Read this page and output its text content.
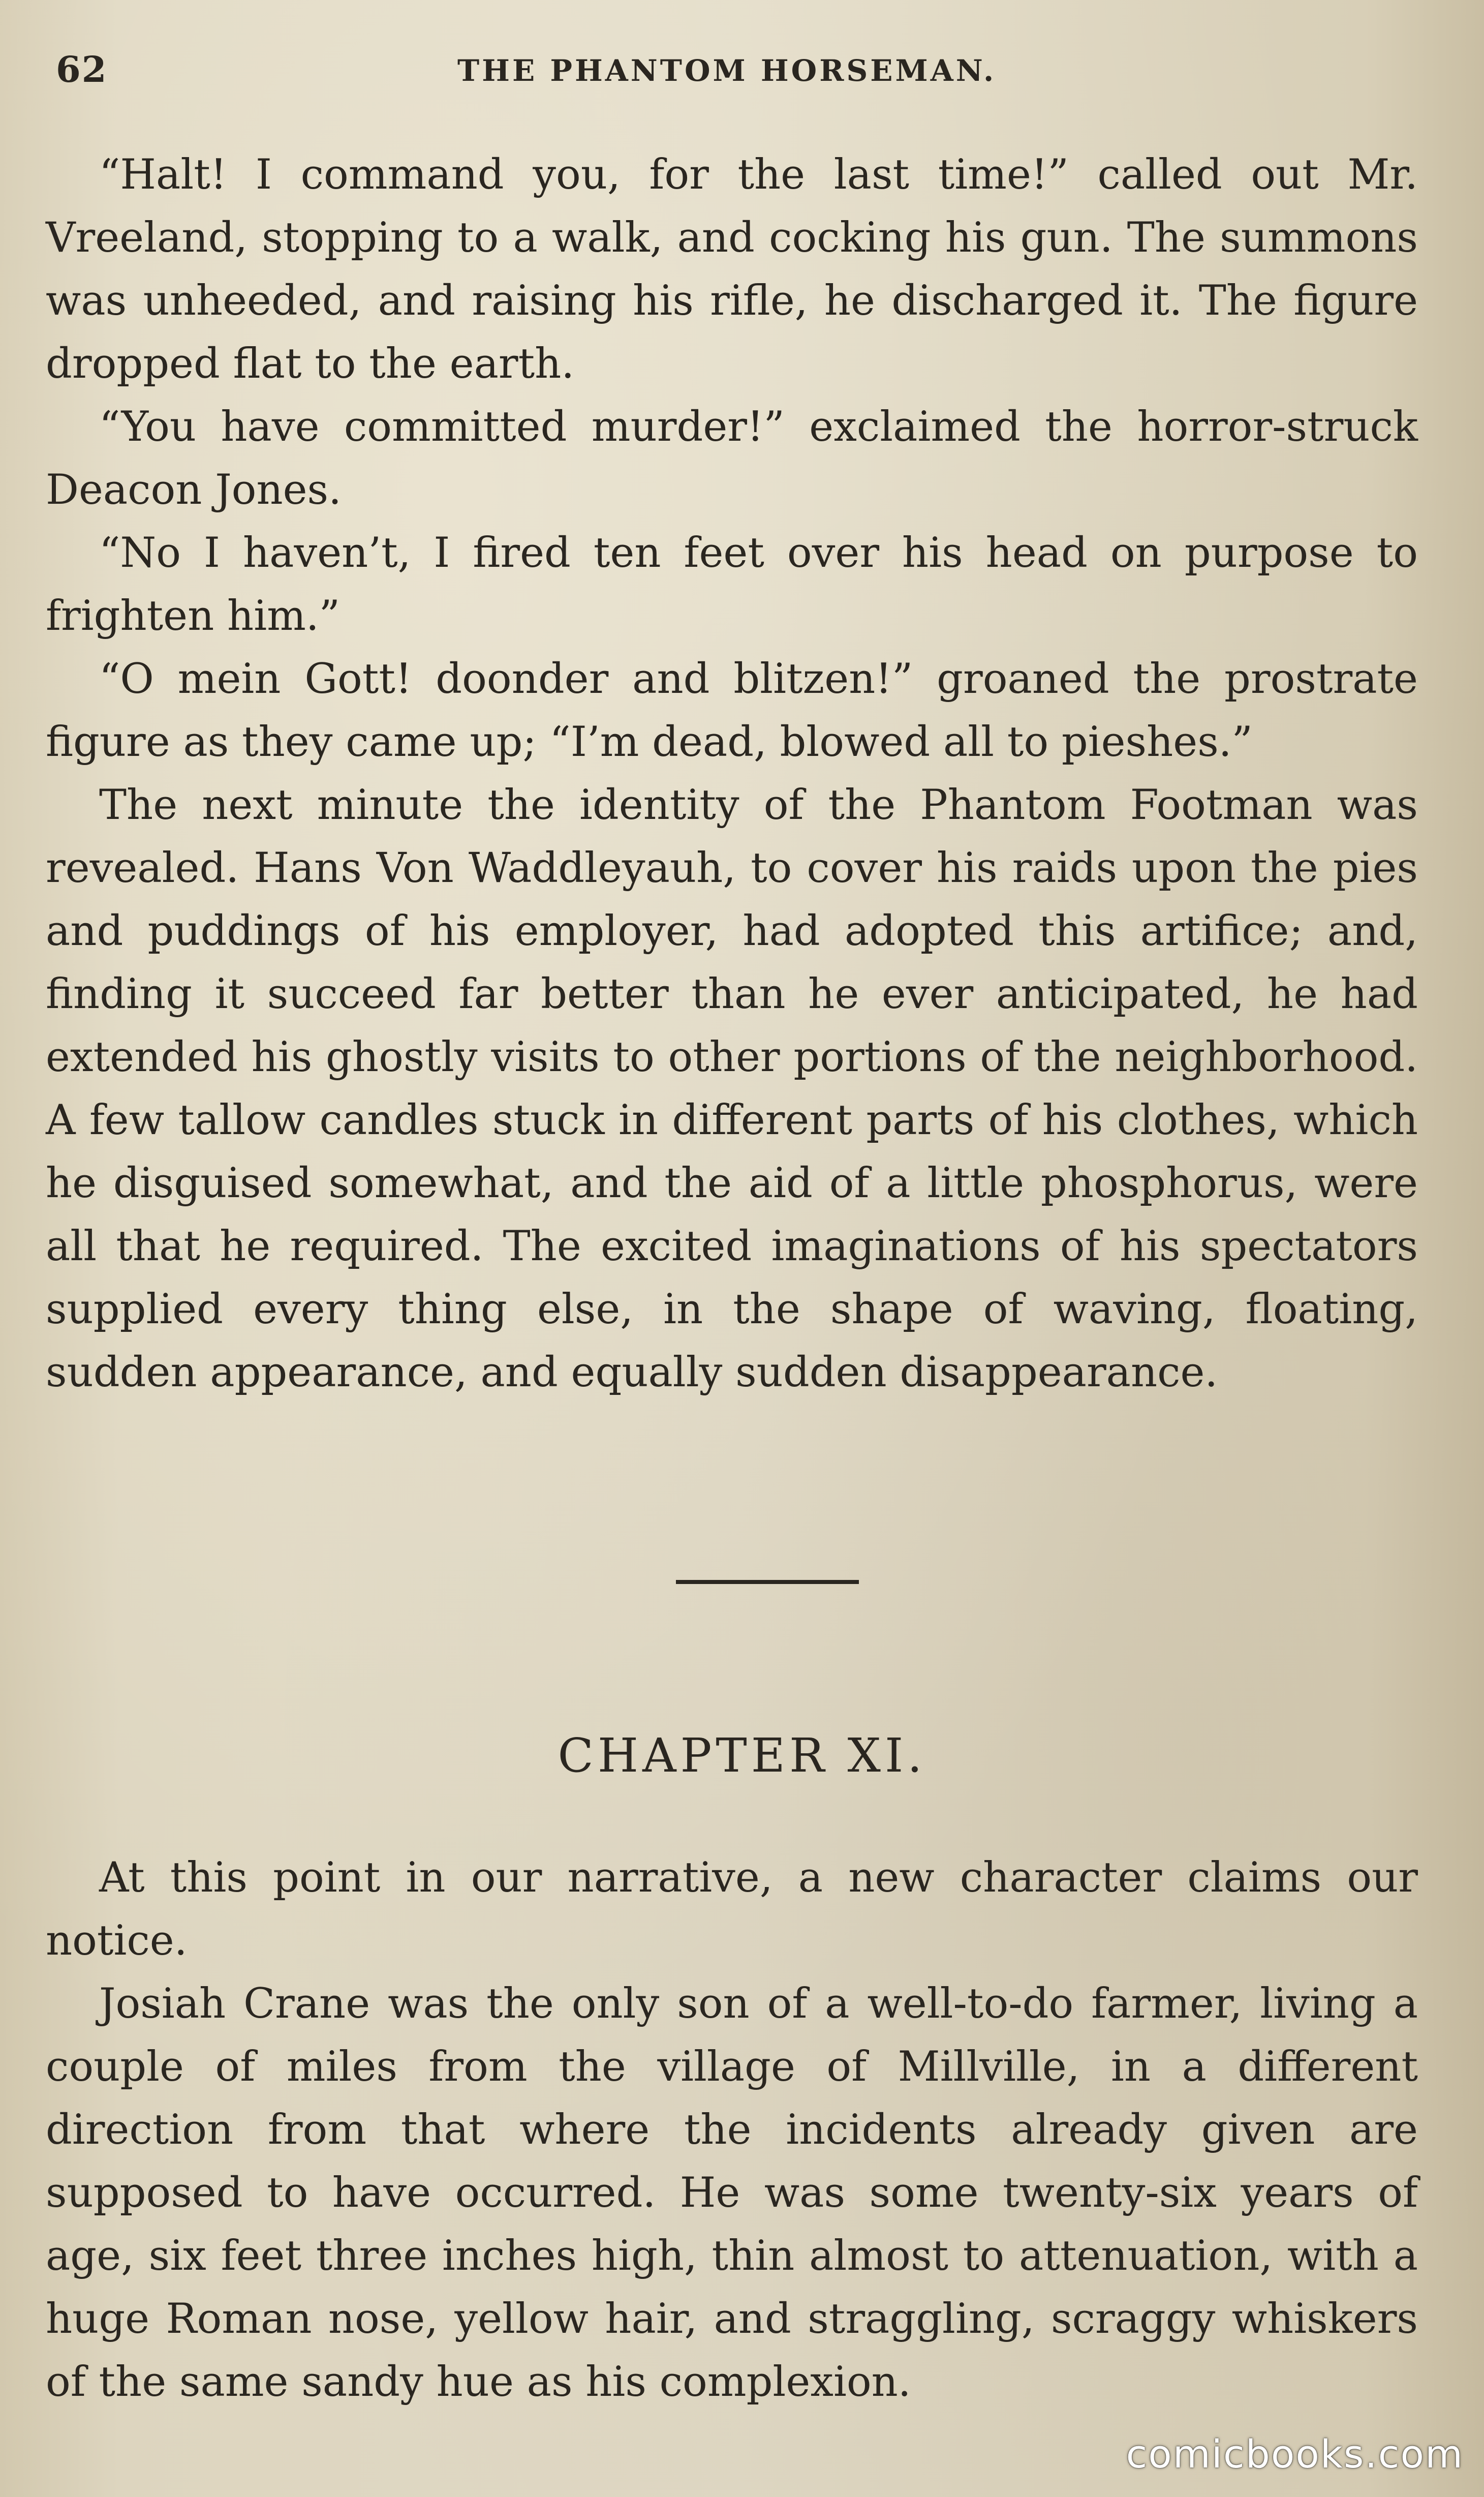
62	THE PHANTOM HORSEMAN.

“Halt! I command you, for the last time!” called out Mr. Vreeland, stopping to a walk, and cocking his gun. The summons was unheeded, and raising his rifle, he discharged it. The figure dropped flat to the earth.

“You have committed murder!” exclaimed the horror-struck Deacon Jones.

“No I haven’t, I fired ten feet over his head on purpose to frighten him.”

“O mein Gott! doonder and blitzen!” groaned the prostrate figure as they came up; “I’m dead, blowed all to pieshes.”

The next minute the identity of the Phantom Footman was revealed. Hans Von Waddleyauh, to cover his raids upon the pies and puddings of his employer, had adopted this artifice; and, finding it succeed far better than he ever anticipated, he had extended his ghostly visits to other portions of the neighborhood. A few tallow candles stuck in different parts of his clothes, which he disguised somewhat, and the aid of a little phosphorus, were all that he required. The excited imaginations of his spectators supplied every thing else, in the shape of waving, floating, sudden appearance, and equally sudden disappearance.

CHAPTER XI.

At this point in our narrative, a new character claims our notice.

Josiah Crane was the only son of a well-to-do farmer, living a couple of miles from the village of Millville, in a different direction from that where the incidents already given are supposed to have occurred. He was some twenty-six years of age, six feet three inches high, thin almost to attenuation, with a huge Roman nose, yellow hair, and straggling, scraggy whiskers of the same sandy hue as his complexion.

comicbooks.com
